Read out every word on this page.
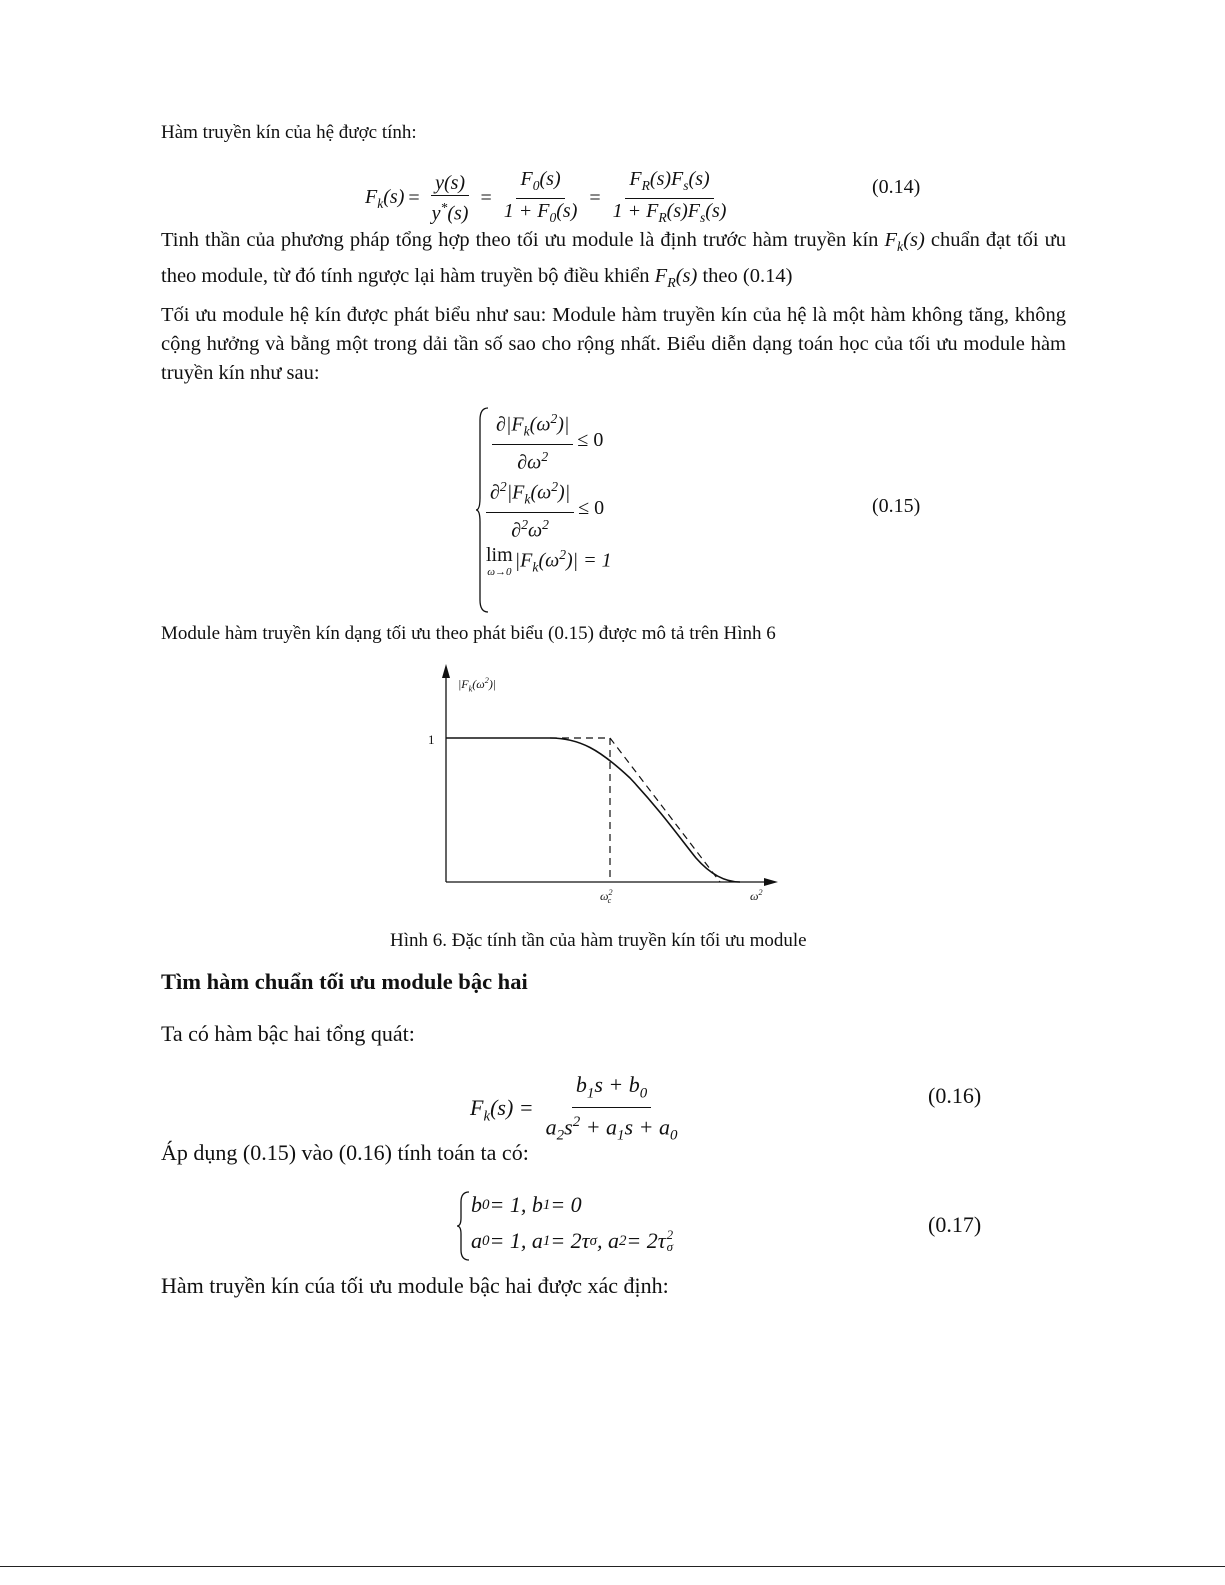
Hàm truyền kín của hệ được tính:
$F_k(s) = \frac{y(s)}{y^*(s)} = \frac{F_0(s)}{1 + F_0(s)} = \frac{F_R(s)F_s(s)}{1 + F_R(s)F_s(s)}$	(0.14)
Tinh thần của phương pháp tổng hợp theo tối ưu module là định trước hàm truyền kín $F_k(s)$ chuẩn đạt tối ưu theo module, từ đó tính ngược lại hàm truyền bộ điều khiển $F_R(s)$ theo (0.14)
Tối ưu module hệ kín được phát biểu như sau: Module hàm truyền kín của hệ là một hàm không tăng, không cộng hưởng và bằng một trong dải tần số sao cho rộng nhất. Biểu diễn dạng toán học của tối ưu module hàm truyền kín như sau:
$\frac{\partial|F_k(\omega^2)|}{\partial\omega^2} \le 0$
$\frac{\partial^2|F_k(\omega^2)|}{\partial^2\omega^2} \le 0$
lim
ω→0
$|F_k(\omega^2)| = 1$
(0.15)
Module hàm truyền kín dạng tối ưu theo phát biểu (0.15) được mô tả trên Hình 6
$|F_k(\omega^2)|$
1
$\omega^2_c$	$\omega^2$
Hình 6. Đặc tính tần của hàm truyền kín tối ưu module
Tìm hàm chuẩn tối ưu module bậc hai
Ta có hàm bậc hai tổng quát:
$F_k(s) = \frac{b_1s + b_0}{a_2s^2 + a_1s + a_0}$	(0.16)
Áp dụng (0.15) vào (0.16) tính toán ta có:
b 0 = 1, b 1 = 0
a 0 = 1, a 1 = 2τ σ , a 2 = 2τ 2
σ
(0.17)
Hàm truyền kín cúa tối ưu module bậc hai được xác định:
